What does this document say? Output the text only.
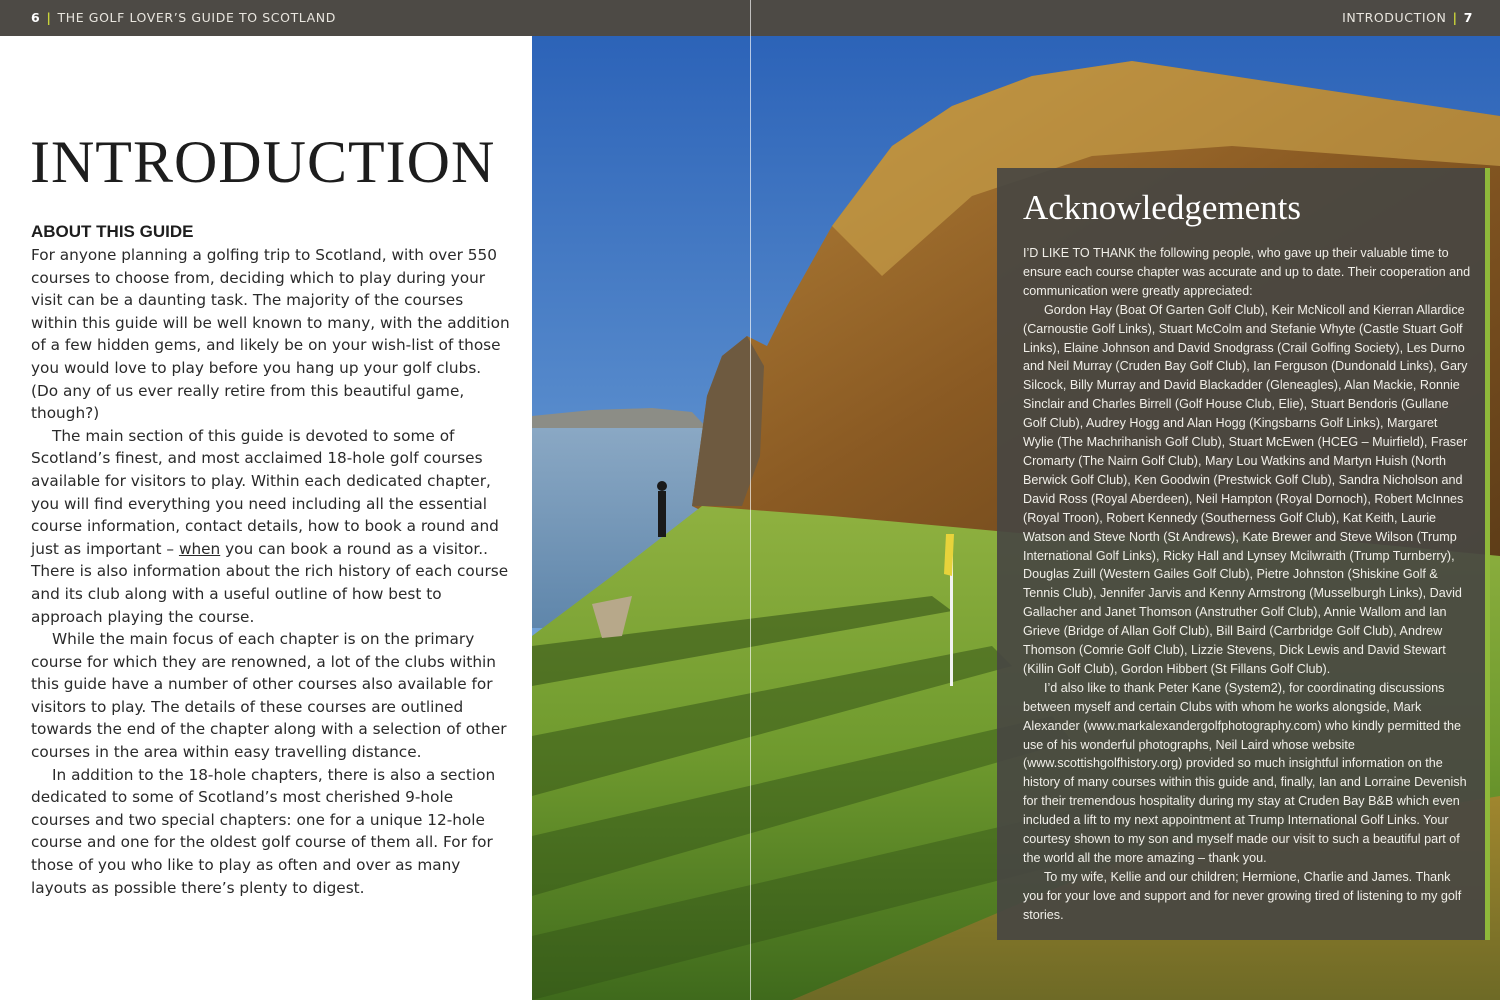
6 | THE GOLF LOVER’S GUIDE TO SCOTLAND	INTRODUCTION | 7
INTRODUCTION
ABOUT THIS GUIDE

For anyone planning a golfing trip to Scotland, with over 550 courses to choose from, deciding which to play during your visit can be a daunting task. The majority of the courses within this guide will be well known to many, with the addition of a few hidden gems, and likely be on your wish-list of those you would love to play before you hang up your golf clubs. (Do any of us ever really retire from this beautiful game, though?)

The main section of this guide is devoted to some of Scotland’s finest, and most acclaimed 18-hole golf courses available for visitors to play. Within each dedicated chapter, you will find everything you need including all the essential course information, contact details, how to book a round and just as important – when you can book a round as a visitor.. There is also information about the rich history of each course and its club along with a useful outline of how best to approach playing the course.

While the main focus of each chapter is on the primary course for which they are renowned, a lot of the clubs within this guide have a number of other courses also available for visitors to play. The details of these courses are outlined towards the end of the chapter along with a selection of other courses in the area within easy travelling distance.

In addition to the 18-hole chapters, there is also a section dedicated to some of Scotland’s most cherished 9-hole courses and two special chapters: one for a unique 12-hole course and one for the oldest golf course of them all. For for those of you who like to play as often and over as many layouts as possible there’s plenty to digest.

Acknowledgements

I’D LIKE TO THANK the following people, who gave up their valuable time to ensure each course chapter was accurate and up to date. Their cooperation and communication were greatly appreciated:

Gordon Hay (Boat Of Garten Golf Club), Keir McNicoll and Kierran Allardice (Carnoustie Golf Links), Stuart McColm and Stefanie Whyte (Castle Stuart Golf Links), Elaine Johnson and David Snodgrass (Crail Golfing Society), Les Durno and Neil Murray (Cruden Bay Golf Club), Ian Ferguson (Dundonald Links), Gary Silcock, Billy Murray and David Blackadder (Gleneagles), Alan Mackie, Ronnie Sinclair and Charles Birrell (Golf House Club, Elie), Stuart Bendoris (Gullane Golf Club), Audrey Hogg and Alan Hogg (Kingsbarns Golf Links), Margaret Wylie (The Machrihanish Golf Club), Stuart McEwen (HCEG – Muirfield), Fraser Cromarty (The Nairn Golf Club), Mary Lou Watkins and Martyn Huish (North Berwick Golf Club), Ken Goodwin (Prestwick Golf Club), Sandra Nicholson and David Ross (Royal Aberdeen), Neil Hampton (Royal Dornoch), Robert McInnes (Royal Troon), Robert Kennedy (Southerness Golf Club), Kat Keith, Laurie Watson and Steve North (St Andrews), Kate Brewer and Steve Wilson (Trump International Golf Links), Ricky Hall and Lynsey Mcilwraith (Trump Turnberry), Douglas Zuill (Western Gailes Golf Club), Pietre Johnston (Shiskine Golf & Tennis Club), Jennifer Jarvis and Kenny Armstrong (Musselburgh Links), David Gallacher and Janet Thomson (Anstruther Golf Club), Annie Wallom and Ian Grieve (Bridge of Allan Golf Club), Bill Baird (Carrbridge Golf Club), Andrew Thomson (Comrie Golf Club), Lizzie Stevens, Dick Lewis and David Stewart (Killin Golf Club), Gordon Hibbert (St Fillans Golf Club).

I’d also like to thank Peter Kane (System2), for coordinating discussions between myself and certain Clubs with whom he works alongside, Mark Alexander (www.markalexandergolfphotography.com) who kindly permitted the use of his wonderful photographs, Neil Laird whose website (www.scottishgolfhistory.org) provided so much insightful information on the history of many courses within this guide and, finally, Ian and Lorraine Devenish for their tremendous hospitality during my stay at Cruden Bay B&B which even included a lift to my next appointment at Trump International Golf Links. Your courtesy shown to my son and myself made our visit to such a beautiful part of the world all the more amazing – thank you.

To my wife, Kellie and our children; Hermione, Charlie and James. Thank you for your love and support and for never growing tired of listening to my golf stories.
